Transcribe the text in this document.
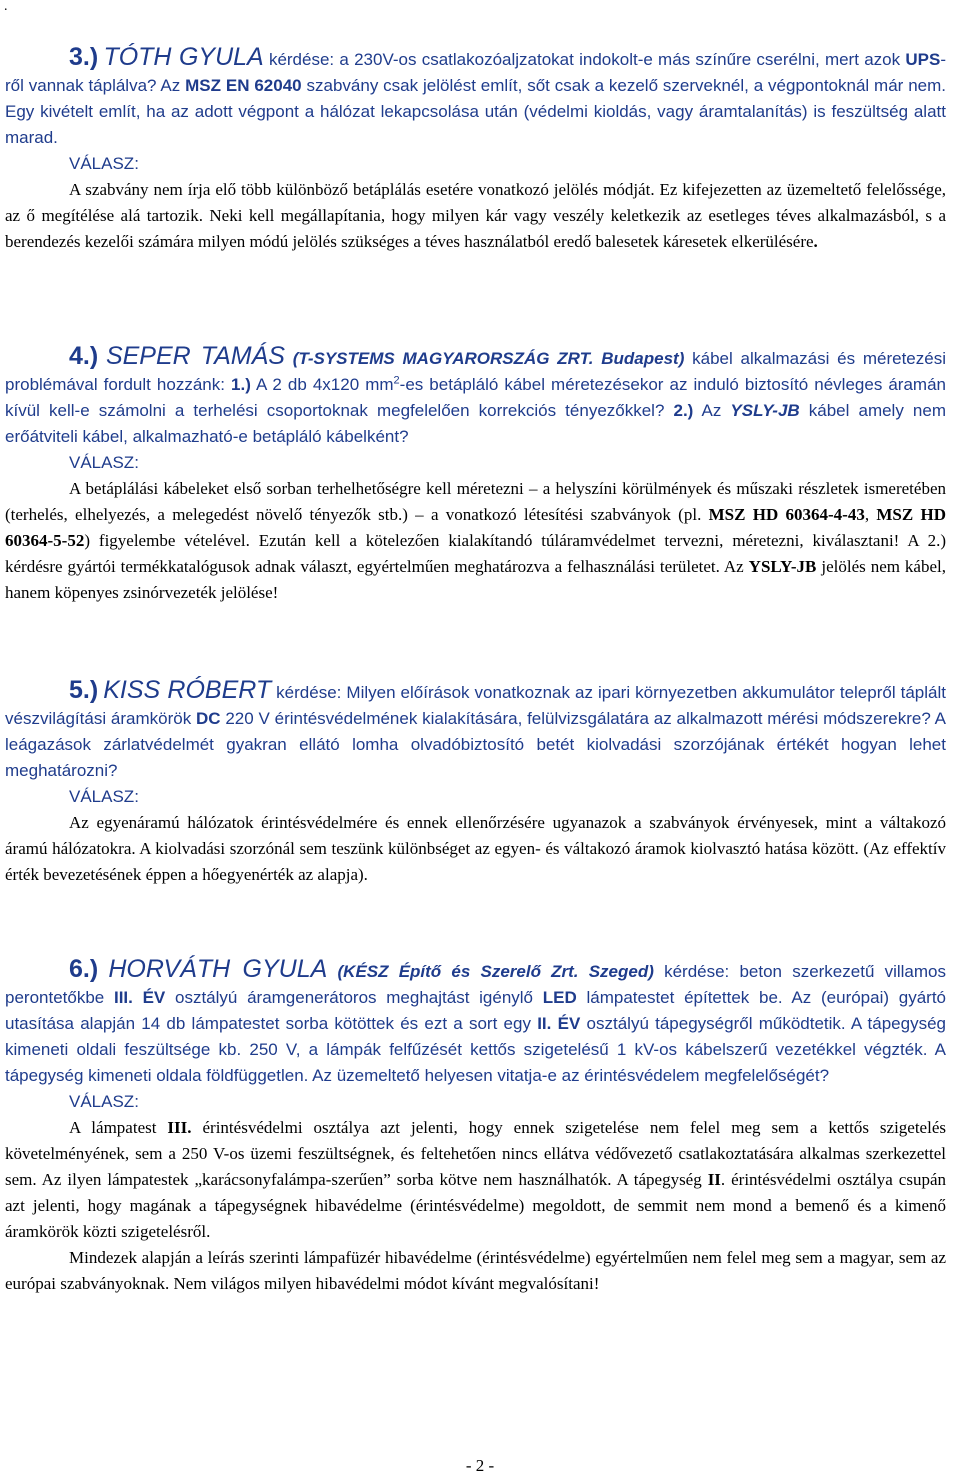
.

3.) TÓTH GYULA kérdése: a 230V-os csatlakozóaljzatokat indokolt-e más színűre cserélni, mert azok UPS-ről vannak táplálva? Az MSZ EN 62040 szabvány csak jelölést említ, sőt csak a kezelő szerveknél, a végpontoknál már nem. Egy kivételt említ, ha az adott végpont a hálózat lekapcsolása után (védelmi kioldás, vagy áramtalanítás) is feszültség alatt marad.

VÁLASZ:

A szabvány nem írja elő több különböző betáplálás esetére vonatkozó jelölés módját. Ez kifejezetten az üzemeltető felelőssége, az ő megítélése alá tartozik. Neki kell megállapítania, hogy milyen kár vagy veszély keletkezik az esetleges téves alkalmazásból, s a berendezés kezelői számára milyen módú jelölés szükséges a téves használatból eredő balesetek káresetek elkerülésére.

4.) SEPER TAMÁS (T-SYSTEMS MAGYARORSZÁG ZRT. Budapest) kábel alkalmazási és méretezési problémával fordult hozzánk: 1.) A 2 db 4x120 $mm^2-es$ betápláló kábel méretezésekor az induló biztosító névleges áramán kívül kell-e számolni a terhelési csoportoknak megfelelően korrekciós tényezőkkel? 2.) Az YSLY-JB kábel amely nem erőátviteli kábel, alkalmazható-e betápláló kábelként?

VÁLASZ:

A betáplálási kábeleket első sorban terhelhetőségre kell méretezni – a helyszíni körülmények és műszaki részletek ismeretében (terhelés, elhelyezés, a melegedést növelő tényezők stb.) – a vonatkozó létesítési szabványok (pl. MSZ HD 60364-4-43, MSZ HD 60364-5-52) figyelembe vételével. Ezután kell a kötelezően kialakítandó túláramvédelmet tervezni, méretezni, kiválasztani! A 2.) kérdésre gyártói termékkatalógusok adnak választ, egyértelműen meghatározva a felhasználási területet. Az YSLY-JB jelölés nem kábel, hanem köpenyes zsinórvezeték jelölése!

5.) KISS RÓBERT kérdése: Milyen előírások vonatkoznak az ipari környezetben akkumulátor telepről táplált vészvilágítási áramkörök DC 220 V érintésvédelmének kialakítására, felülvizsgálatára az alkalmazott mérési módszerekre? A leágazások zárlatvédelmét gyakran ellátó lomha olvadóbiztosító betét kiolvadási szorzójának értékét hogyan lehet meghatározni?

VÁLASZ:

Az egyenáramú hálózatok érintésvédelmére és ennek ellenőrzésére ugyanazok a szabványok érvényesek, mint a váltakozó áramú hálózatokra. A kiolvadási szorzónál sem teszünk különbséget az egyen- és váltakozó áramok kiolvasztó hatása között. (Az effektív érték bevezetésének éppen a hőegyenérték az alapja).

6.) HORVÁTH GYULA (KÉSZ Építő és Szerelő Zrt. Szeged) kérdése: beton szerkezetű villamos perontetőkbe III. ÉV osztályú áramgenerátoros meghajtást igénylő LED lámpatestet építettek be. Az (európai) gyártó utasítása alapján 14 db lámpatestet sorba kötöttek és ezt a sort egy II. ÉV osztályú tápegységről működtetik. A tápegység kimeneti oldali feszültsége kb. 250 V, a lámpák felfűzését kettős szigetelésű 1 kV-os kábelszerű vezetékkel végzték. A tápegység kimeneti oldala földfüggetlen. Az üzemeltető helyesen vitatja-e az érintésvédelem megfelelőségét?

VÁLASZ:

A lámpatest III. érintésvédelmi osztálya azt jelenti, hogy ennek szigetelése nem felel meg sem a kettős szigetelés követelményének, sem a 250 V-os üzemi feszültségnek, és feltehetően nincs ellátva védővezető csatlakoztatására alkalmas szerkezettel sem. Az ilyen lámpatestek „karácsonyfalámpa-szerűen” sorba kötve nem használhatók. A tápegység II. érintésvédelmi osztálya csupán azt jelenti, hogy magának a tápegységnek hibavédelme (érintésvédelme) megoldott, de semmit nem mond a bemenő és a kimenő áramkörök közti szigetelésről.

Mindezek alapján a leírás szerinti lámpafüzér hibavédelme (érintésvédelme) egyértelműen nem felel meg sem a magyar, sem az európai szabványoknak. Nem világos milyen hibavédelmi módot kívánt megvalósítani!

- 2 -
